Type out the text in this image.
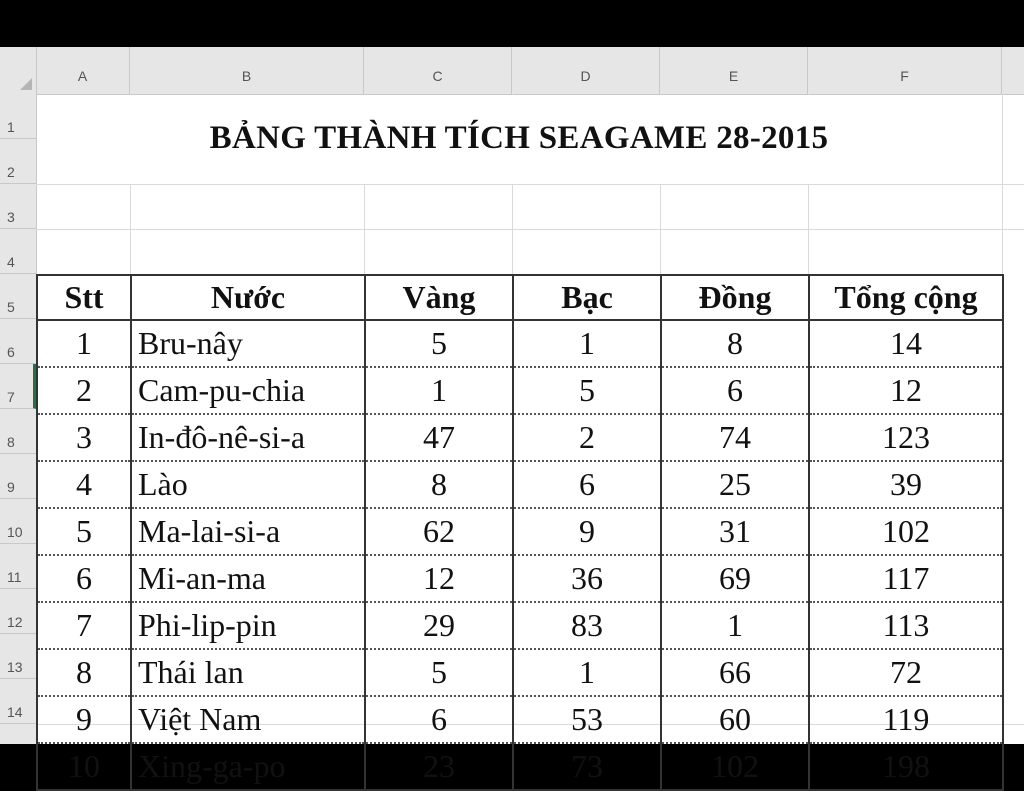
A	B	C	D	E	F
1
2
3
4
5
6
7
8
9
10
11
12
13
14
BẢNG THÀNH TÍCH SEAGAME 28-2015
Stt	Nước	Vàng	Bạc	Đồng	Tổng cộng
1	Bru-nây	5	1	8	14
2	Cam-pu-chia	1	5	6	12
3	In-đô-nê-si-a	47	2	74	123
4	Lào	8	6	25	39
5	Ma-lai-si-a	62	9	31	102
6	Mi-an-ma	12	36	69	117
7	Phi-lip-pin	29	83	1	113
8	Thái lan	5	1	66	72
9	Việt Nam	6	53	60	119
10	Xing-ga-po	23	73	102	198
